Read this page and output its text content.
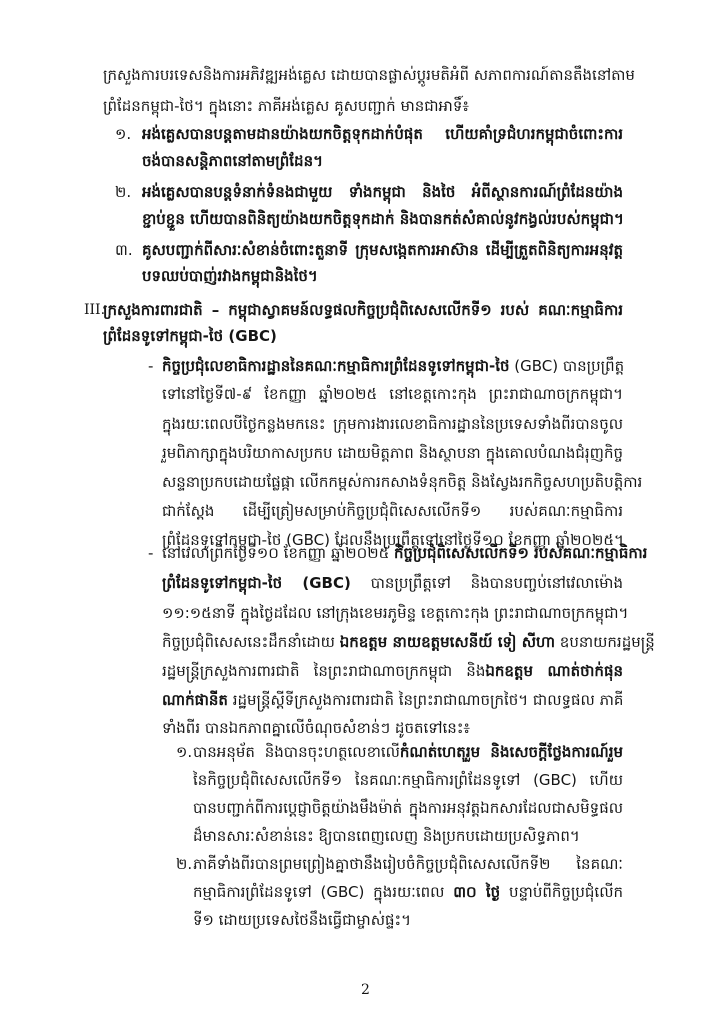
ក្រសួងការបរទេសនិងការអភិវឌ្ឍអង់គ្លេស ដោយបានផ្លាស់ប្តូរមតិអំពី សភាពការណ៍តានតឹងនៅតាម
ព្រំដែនកម្ពុជា-ថៃ។ ក្នុងនោះ ភាគីអង់គ្លេស គូសបញ្ជាក់ មានជាអាទិ៍៖
១. អង់គ្លេសបានបន្តតាមដានយ៉ាងយកចិត្តទុកដាក់បំផុត ហើយគាំទ្រជំហរកម្ពុជាចំពោះការ
ចង់បានសន្តិភាពនៅតាមព្រំដែន។
២. អង់គ្លេសបានបន្តទំនាក់ទំនងជាមួយ ទាំងកម្ពុជា និងថៃ អំពីស្ថានការណ៍ព្រំដែនយ៉ាង
ខ្ជាប់ខ្ជួន ហើយបានពិនិត្យយ៉ាងយកចិត្តទុកដាក់ និងបានកត់សំគាល់នូវកង្វល់របស់កម្ពុជា។
៣. គូសបញ្ជាក់ពីសារៈសំខាន់ចំពោះតួនាទី ក្រុមសង្កេតការអាស៊ាន ដើម្បីត្រួតពិនិត្យការអនុវត្ត
បទឈប់បាញ់រវាងកម្ពុជានិងថៃ។
III.
ក្រសួងការពារជាតិ – កម្ពុជាស្វាគមន៍លទ្ធផលកិច្ចប្រជុំពិសេសលើកទី១ របស់ គណៈកម្មាធិការ
ព្រំដែនទូទៅកម្ពុជា-ថៃ (GBC)
- កិច្ចប្រជុំលេខាធិការដ្ឋាននៃគណៈកម្មាធិការព្រំដែនទូទៅកម្ពុជា-ថៃ (GBC) បានប្រព្រឹត្ត
ទៅនៅថ្ងៃទី៧-៩ ខែកញ្ញា ឆ្នាំ២០២៥ នៅខេត្តកោះកុង ព្រះរាជាណាចក្រកម្ពុជា។
ក្នុងរយៈពេលបីថ្ងៃកន្លងមកនេះ ក្រុមការងារលេខាធិការដ្ឋាននៃប្រទេសទាំងពីរបានចូល
រួមពិភាក្សាក្នុងបរិយាកាសប្រកប ដោយមិត្តភាព និងស្ថាបនា ក្នុងគោលបំណងជំរុញកិច្ច
សន្ទនាប្រកបដោយផ្លែផ្កា លើកកម្ពស់ការកសាងទំនុកចិត្ត និងស្វែងរកកិច្ចសហប្រតិបត្តិការ
ជាក់ស្តែង ដើម្បីត្រៀមសម្រាប់កិច្ចប្រជុំពិសេសលើកទី១ របស់គណៈកម្មាធិការ
ព្រំដែនទូទៅកម្ពុជា-ថៃ (GBC) ដែលនឹងប្រព្រឹត្តទៅនៅថ្ងៃទី១០ ខែកញ្ញា ឆ្នាំ២០២៥។
- នៅវេលាព្រឹកថ្ងៃទី១០ ខែកញ្ញា ឆ្នាំ២០២៥ កិច្ចប្រជុំពិសេសលើកទី១ របស់គណៈកម្មាធិការ
ព្រំដែនទូទៅកម្ពុជា-ថៃ (GBC) បានប្រព្រឹត្តទៅ និងបានបញ្ចប់នៅវេលាម៉ោង
១១:១៥នាទី ក្នុងថ្ងៃដដែល នៅក្រុងខេមរភូមិន្ទ ខេត្តកោះកុង ព្រះរាជាណាចក្រកម្ពុជា។
កិច្ចប្រជុំពិសេសនេះដឹកនាំដោយ ឯកឧត្តម នាយឧត្តមសេនីយ៍ ទៀ សីហា ឧបនាយករដ្ឋមន្ត្រី
រដ្ឋមន្ត្រីក្រសួងការពារជាតិ នៃព្រះរាជាណាចក្រកម្ពុជា និងឯកឧត្តម ណាត់ថាក់ផុន
ណាក់ផានីត រដ្ឋមន្ត្រីស្តីទីក្រសួងការពារជាតិ នៃព្រះរាជាណាចក្រថៃ។ ជាលទ្ធផល ភាគី
ទាំងពីរ បានឯកភាពគ្នាលើចំណុចសំខាន់ៗ ដូចតទៅនេះ៖
១. បានអនុម័ត និងបានចុះហត្ថលេខាលើកំណត់ហេតុរួម និងសេចក្តីថ្លែងការណ៍រួម
នៃកិច្ចប្រជុំពិសេសលើកទី១ នៃគណៈកម្មាធិការព្រំដែនទូទៅ (GBC) ហើយ
បានបញ្ជាក់ពីការប្តេជ្ញាចិត្តយ៉ាងមឹងម៉ាត់ ក្នុងការអនុវត្តឯកសារដែលជាសមិទ្ធផល
ដ៏មានសារៈសំខាន់នេះ ឱ្យបានពេញលេញ និងប្រកបដោយប្រសិទ្ធភាព។
២. ភាគីទាំងពីរបានព្រមព្រៀងគ្នាថានឹងរៀបចំកិច្ចប្រជុំពិសេសលើកទី២ នៃគណៈ
កម្មាធិការព្រំដែនទូទៅ (GBC) ក្នុងរយៈពេល ៣០ ថ្ងៃ បន្ទាប់ពីកិច្ចប្រជុំលើក
ទី១ ដោយប្រទេសថៃនឹងធ្វើជាម្ចាស់ផ្ទះ។
2
